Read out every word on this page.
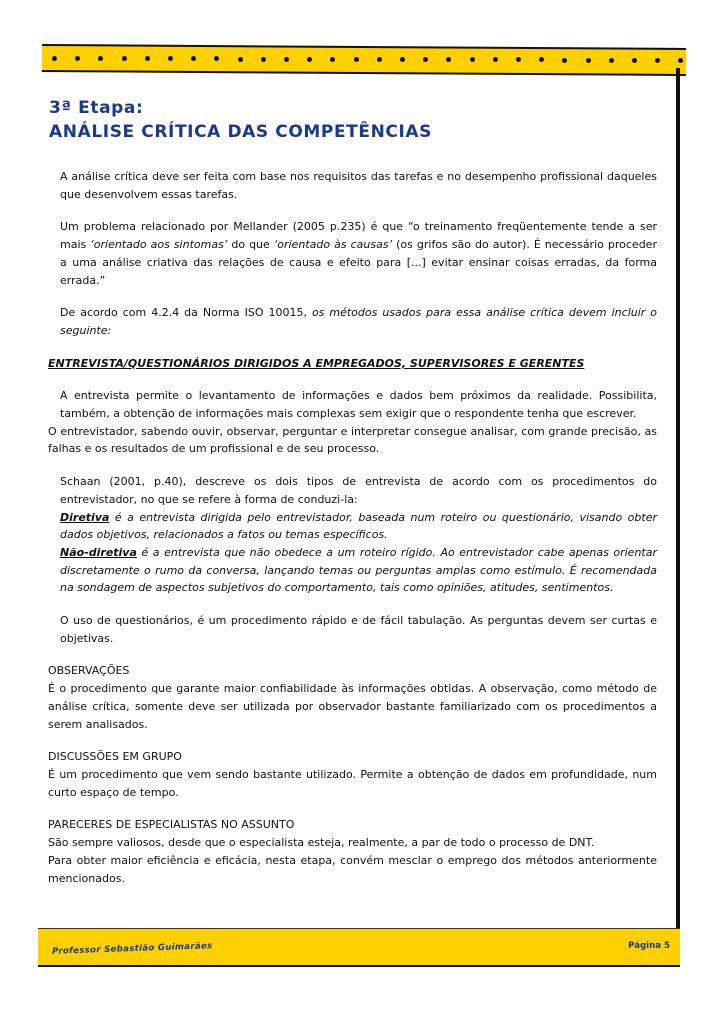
3ª Etapa:
ANÁLISE CRÍTICA DAS COMPETÊNCIAS

A análise crítica deve ser feita com base nos requisitos das tarefas e no desempenho profissional daqueles que desenvolvem essas tarefas.

Um problema relacionado por Mellander (2005 p.235) é que “o treinamento freqüentemente tende a ser mais ‘orientado aos sintomas’ do que ‘orientado às causas’ (os grifos são do autor). É necessário proceder a uma análise criativa das relações de causa e efeito para [...] evitar ensinar coisas erradas, da forma errada.”

De acordo com 4.2.4 da Norma ISO 10015, os métodos usados para essa análise crítica devem incluir o seguinte:

ENTREVISTA/QUESTIONÁRIOS DIRIGIDOS A EMPREGADOS, SUPERVISORES E GERENTES

A entrevista permite o levantamento de informações e dados bem próximos da realidade. Possibilita, também, a obtenção de informações mais complexas sem exigir que o respondente tenha que escrever.
O entrevistador, sabendo ouvir, observar, perguntar e interpretar consegue analisar, com grande precisão, as falhas e os resultados de um profissional e de seu processo.

Schaan (2001, p.40), descreve os dois tipos de entrevista de acordo com os procedimentos do entrevistador, no que se refere à forma de conduzi-la:
Diretiva é a entrevista dirigida pelo entrevistador, baseada num roteiro ou questionário, visando obter dados objetivos, relacionados a fatos ou temas específicos.
Não-diretiva é a entrevista que não obedece a um roteiro rígido. Ao entrevistador cabe apenas orientar discretamente o rumo da conversa, lançando temas ou perguntas amplas como estímulo. É recomendada na sondagem de aspectos subjetivos do comportamento, tais como opiniões, atitudes, sentimentos.

O uso de questionários, é um procedimento rápido e de fácil tabulação. As perguntas devem ser curtas e objetivas.

OBSERVAÇÕES
É o procedimento que garante maior confiabilidade às informações obtidas. A observação, como método de análise crítica, somente deve ser utilizada por observador bastante familiarizado com os procedimentos a serem analisados.

DISCUSSÕES EM GRUPO
É um procedimento que vem sendo bastante utilizado. Permite a obtenção de dados em profundidade, num curto espaço de tempo.

PARECERES DE ESPECIALISTAS NO ASSUNTO
São sempre valiosos, desde que o especialista esteja, realmente, a par de todo o processo de DNT.
Para obter maior eficiência e eficácia, nesta etapa, convém mesclar o emprego dos métodos anteriormente mencionados.

Professor Sebastião Guimarães	Página 5
